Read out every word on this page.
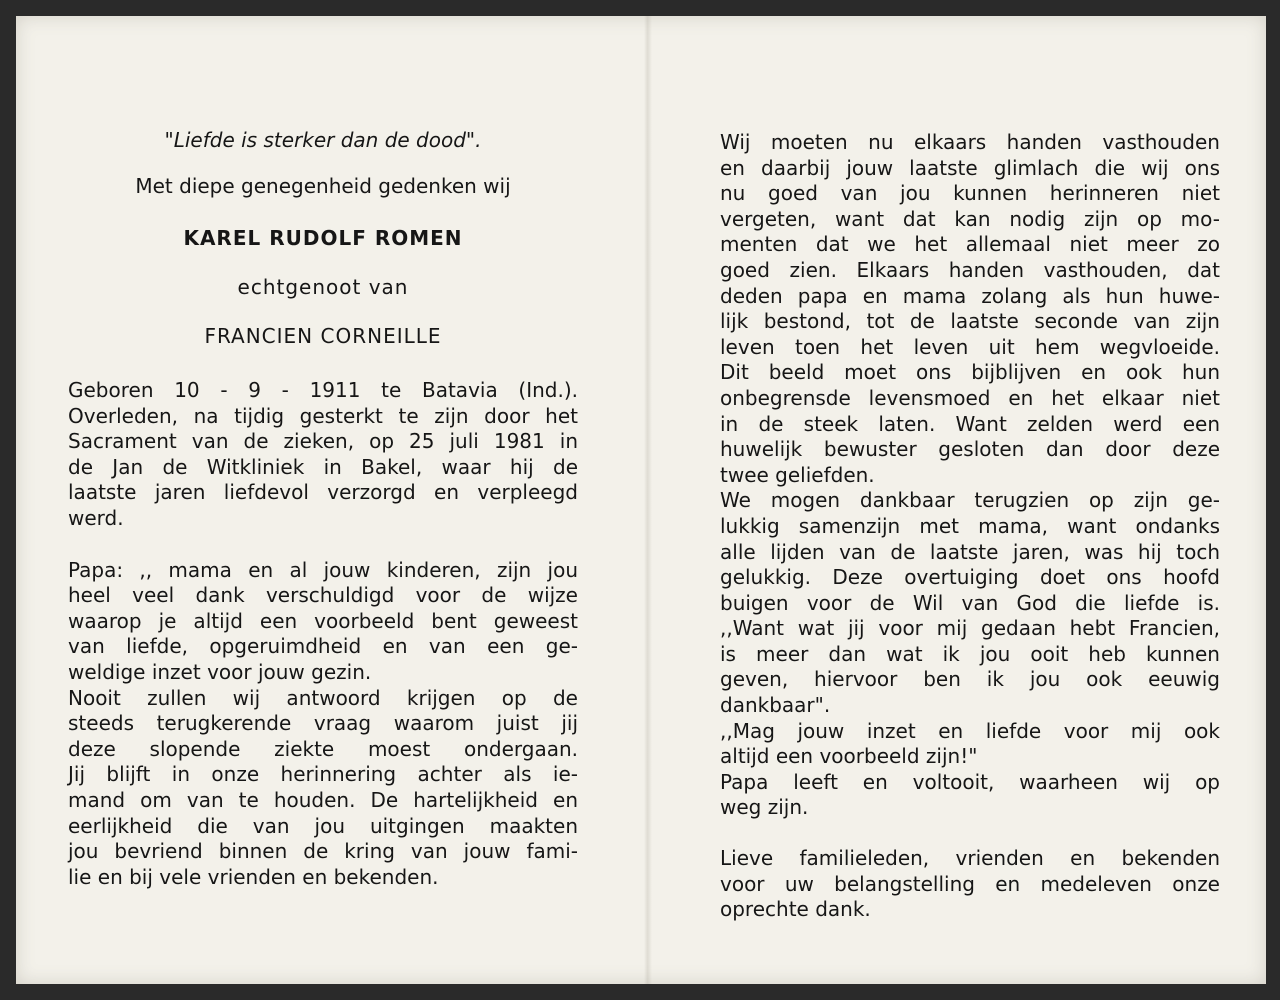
"Liefde is sterker dan de dood".
Met diepe genegenheid gedenken wij
KAREL RUDOLF ROMEN
echtgenoot van
FRANCIEN CORNEILLE
Geboren 10 - 9 - 1911 te Batavia (Ind.).
Overleden, na tijdig gesterkt te zijn door het
Sacrament van de zieken, op 25 juli 1981 in
de Jan de Witkliniek in Bakel, waar hij de
laatste jaren liefdevol verzorgd en verpleegd
werd.
Papa: ,, mama en al jouw kinderen, zijn jou
heel veel dank verschuldigd voor de wijze
waarop je altijd een voorbeeld bent geweest
van liefde, opgeruimdheid en van een ge-
weldige inzet voor jouw gezin.
Nooit zullen wij antwoord krijgen op de
steeds terugkerende vraag waarom juist jij
deze slopende ziekte moest ondergaan.
Jij blijft in onze herinnering achter als ie-
mand om van te houden. De hartelijkheid en
eerlijkheid die van jou uitgingen maakten
jou bevriend binnen de kring van jouw fami-
lie en bij vele vrienden en bekenden.
Wij moeten nu elkaars handen vasthouden
en daarbij jouw laatste glimlach die wij ons
nu goed van jou kunnen herinneren niet
vergeten, want dat kan nodig zijn op mo-
menten dat we het allemaal niet meer zo
goed zien. Elkaars handen vasthouden, dat
deden papa en mama zolang als hun huwe-
lijk bestond, tot de laatste seconde van zijn
leven toen het leven uit hem wegvloeide.
Dit beeld moet ons bijblijven en ook hun
onbegrensde levensmoed en het elkaar niet
in de steek laten. Want zelden werd een
huwelijk bewuster gesloten dan door deze
twee geliefden.
We mogen dankbaar terugzien op zijn ge-
lukkig samenzijn met mama, want ondanks
alle lijden van de laatste jaren, was hij toch
gelukkig. Deze overtuiging doet ons hoofd
buigen voor de Wil van God die liefde is.
,,Want wat jij voor mij gedaan hebt Francien,
is meer dan wat ik jou ooit heb kunnen
geven, hiervoor ben ik jou ook eeuwig
dankbaar".
,,Mag jouw inzet en liefde voor mij ook
altijd een voorbeeld zijn!"
Papa leeft en voltooit, waarheen wij op
weg zijn.
Lieve familieleden, vrienden en bekenden
voor uw belangstelling en medeleven onze
oprechte dank.
